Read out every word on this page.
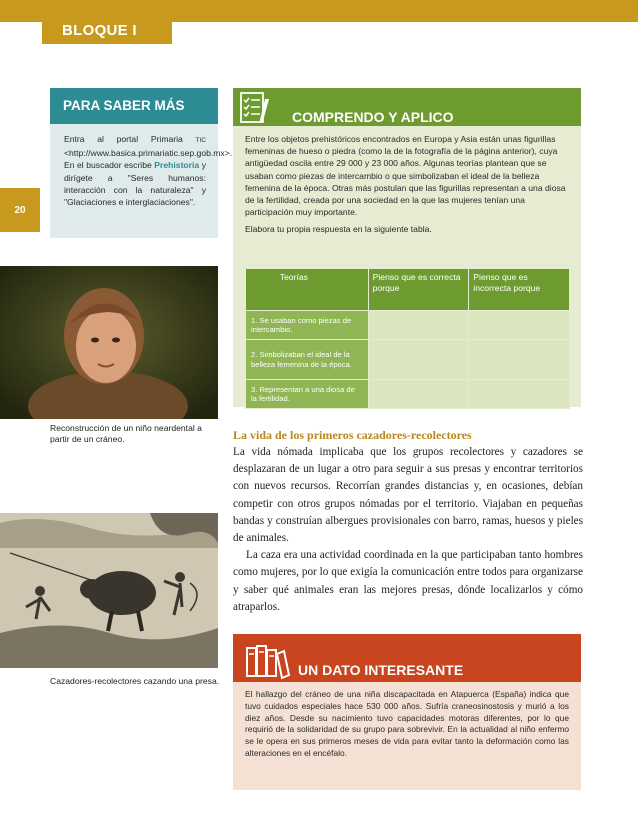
BLOQUE I
20
PARA SABER MÁS
Entra al portal Primaria TIC <http://www.basica.primariatic.sep.gob.mx>. En el buscador escribe Prehistoria y dirígete a "Seres humanos: interacción con la naturaleza" y "Glaciaciones e interglaciaciones".
COMPRENDO Y APLICO
Entre los objetos prehistóricos encontrados en Europa y Asia están unas figurillas femeninas de hueso o piedra (como la de la fotografía de la página anterior), cuya antigüedad oscila entre 29 000 y 23 000 años. Algunas teorías plantean que se usaban como piezas de intercambio o que simbolizaban el ideal de la belleza femenina de la época. Otras más postulan que las figurillas representan a una diosa de la fertilidad, creada por una sociedad en la que las mujeres tenían una participación muy importante.
Elabora tu propia respuesta en la siguiente tabla.
Teorías	Pienso que es correcta porque	Pienso que es incorrecta porque
1. Se usaban como piezas de intercambio.		
2. Simbolizaban el ideal de la belleza femenina de la época.		
3. Representan a una diosa de la fertilidad.		
Reconstrucción de un niño neardental a partir de un cráneo.
Cazadores-recolectores cazando una presa.
La vida de los primeros cazadores-recolectores

La vida nómada implicaba que los grupos recolectores y cazadores se desplazaran de un lugar a otro para seguir a sus presas y encontrar territorios con nuevos recursos. Recorrían grandes distancias y, en ocasiones, debían competir con otros grupos nómadas por el territorio. Viajaban en pequeñas bandas y construían albergues provisionales con barro, ramas, huesos y pieles de animales.

La caza era una actividad coordinada en la que participaban tanto hombres como mujeres, por lo que exigía la comunicación entre todos para organizarse y saber qué animales eran las mejores presas, dónde localizarlos y cómo atraparlos.

UN DATO INTERESANTE
El hallazgo del cráneo de una niña discapacitada en Atapuerca (España) indica que tuvo cuidados especiales hace 530 000 años. Sufría craneosinostosis y murió a los diez años. Desde su nacimiento tuvo capacidades motoras diferentes, por lo que requirió de la solidaridad de su grupo para sobrevivir. En la actualidad al niño enfermo se le opera en sus primeros meses de vida para evitar tanto la deformación como las alteraciones en el encéfalo.
